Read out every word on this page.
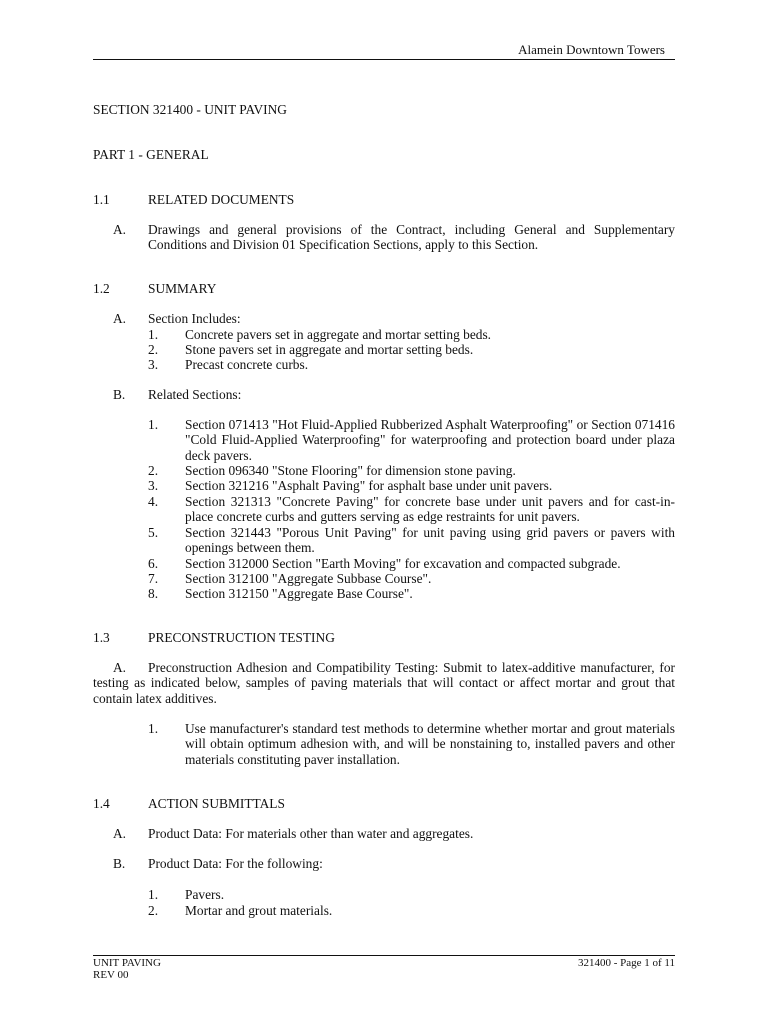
Alamein Downtown Towers
SECTION 321400 - UNIT PAVING
PART 1 - GENERAL
1.1	RELATED DOCUMENTS
A. Drawings and general provisions of the Contract, including General and Supplementary Conditions and Division 01 Specification Sections, apply to this Section.
1.2	SUMMARY
A. Section Includes:
1. Concrete pavers set in aggregate and mortar setting beds.
2. Stone pavers set in aggregate and mortar setting beds.
3. Precast concrete curbs.
B. Related Sections:
1. Section 071413 "Hot Fluid-Applied Rubberized Asphalt Waterproofing" or Section 071416 "Cold Fluid-Applied Waterproofing" for waterproofing and protection board under plaza deck pavers.
2. Section 096340 "Stone Flooring" for dimension stone paving.
3. Section 321216 "Asphalt Paving" for asphalt base under unit pavers.
4. Section 321313 "Concrete Paving" for concrete base under unit pavers and for cast-in-place concrete curbs and gutters serving as edge restraints for unit pavers.
5. Section 321443 "Porous Unit Paving" for unit paving using grid pavers or pavers with openings between them.
6. Section 312000 Section "Earth Moving" for excavation and compacted subgrade.
7. Section 312100 "Aggregate Subbase Course".
8. Section 312150 "Aggregate Base Course".
1.3	PRECONSTRUCTION TESTING
A.	Preconstruction Adhesion and Compatibility Testing: Submit to latex-additive manufacturer, for testing as indicated below, samples of paving materials that will contact or affect mortar and grout that contain latex additives.
1. Use manufacturer's standard test methods to determine whether mortar and grout materials will obtain optimum adhesion with, and will be nonstaining to, installed pavers and other materials constituting paver installation.
1.4	ACTION SUBMITTALS
A. Product Data: For materials other than water and aggregates.
B. Product Data: For the following:
1. Pavers.
2. Mortar and grout materials.
UNIT PAVING	321400 - Page 1 of 11
REV 00
